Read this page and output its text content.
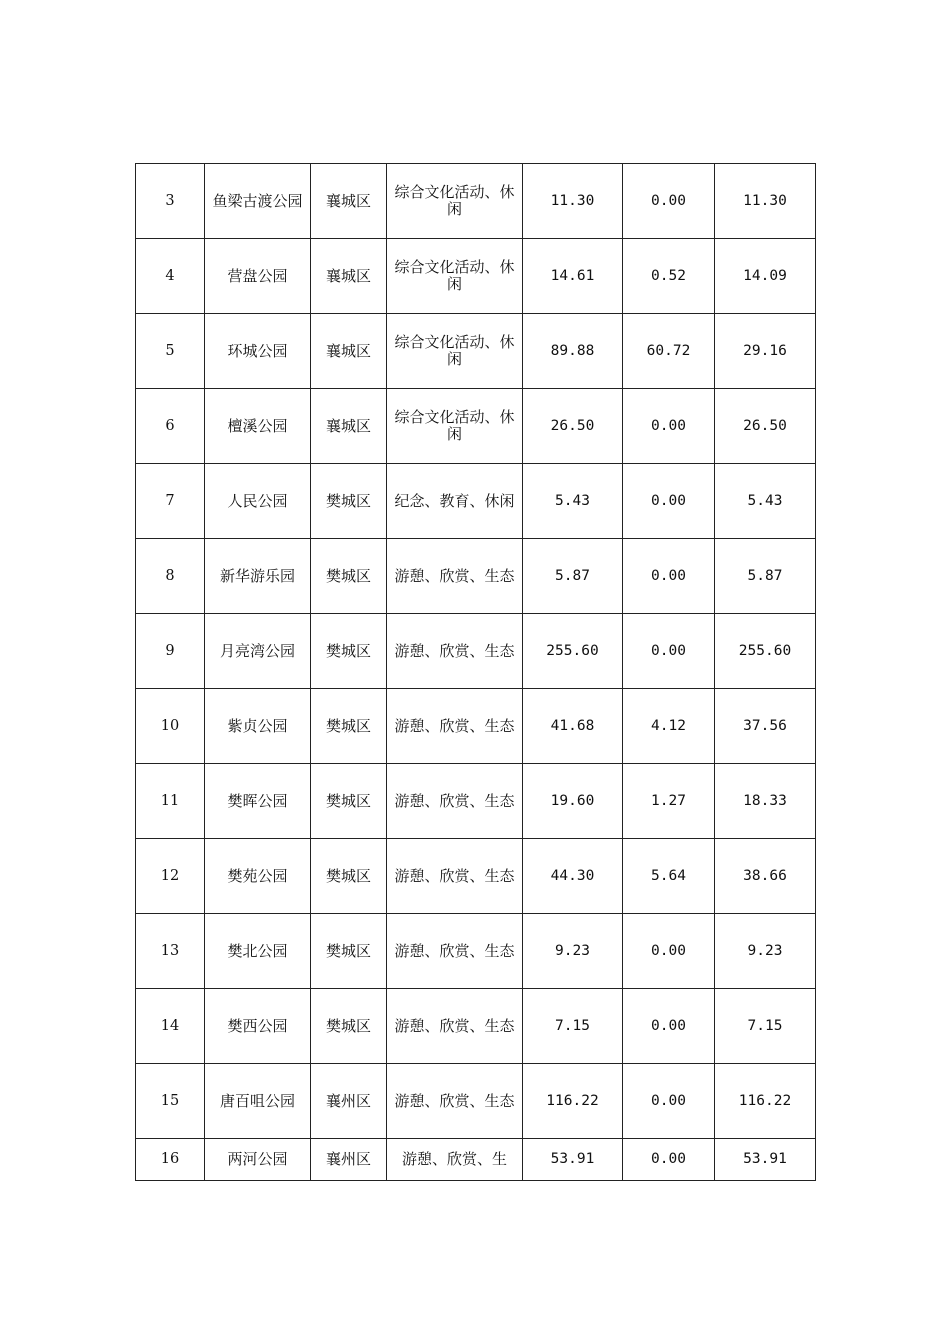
3	鱼梁古渡公园	襄城区	综合文化活动、休闲	11.30	0.00	11.30
4	营盘公园	襄城区	综合文化活动、休闲	14.61	0.52	14.09
5	环城公园	襄城区	综合文化活动、休闲	89.88	60.72	29.16
6	檀溪公园	襄城区	综合文化活动、休闲	26.50	0.00	26.50
7	人民公园	樊城区	纪念、教育、休闲	5.43	0.00	5.43
8	新华游乐园	樊城区	游憩、欣赏、生态	5.87	0.00	5.87
9	月亮湾公园	樊城区	游憩、欣赏、生态	255.60	0.00	255.60
10	紫贞公园	樊城区	游憩、欣赏、生态	41.68	4.12	37.56
11	樊晖公园	樊城区	游憩、欣赏、生态	19.60	1.27	18.33
12	樊苑公园	樊城区	游憩、欣赏、生态	44.30	5.64	38.66
13	樊北公园	樊城区	游憩、欣赏、生态	9.23	0.00	9.23
14	樊西公园	樊城区	游憩、欣赏、生态	7.15	0.00	7.15
15	唐百咀公园	襄州区	游憩、欣赏、生态	116.22	0.00	116.22
16	两河公园	襄州区	游憩、欣赏、生	53.91	0.00	53.91
